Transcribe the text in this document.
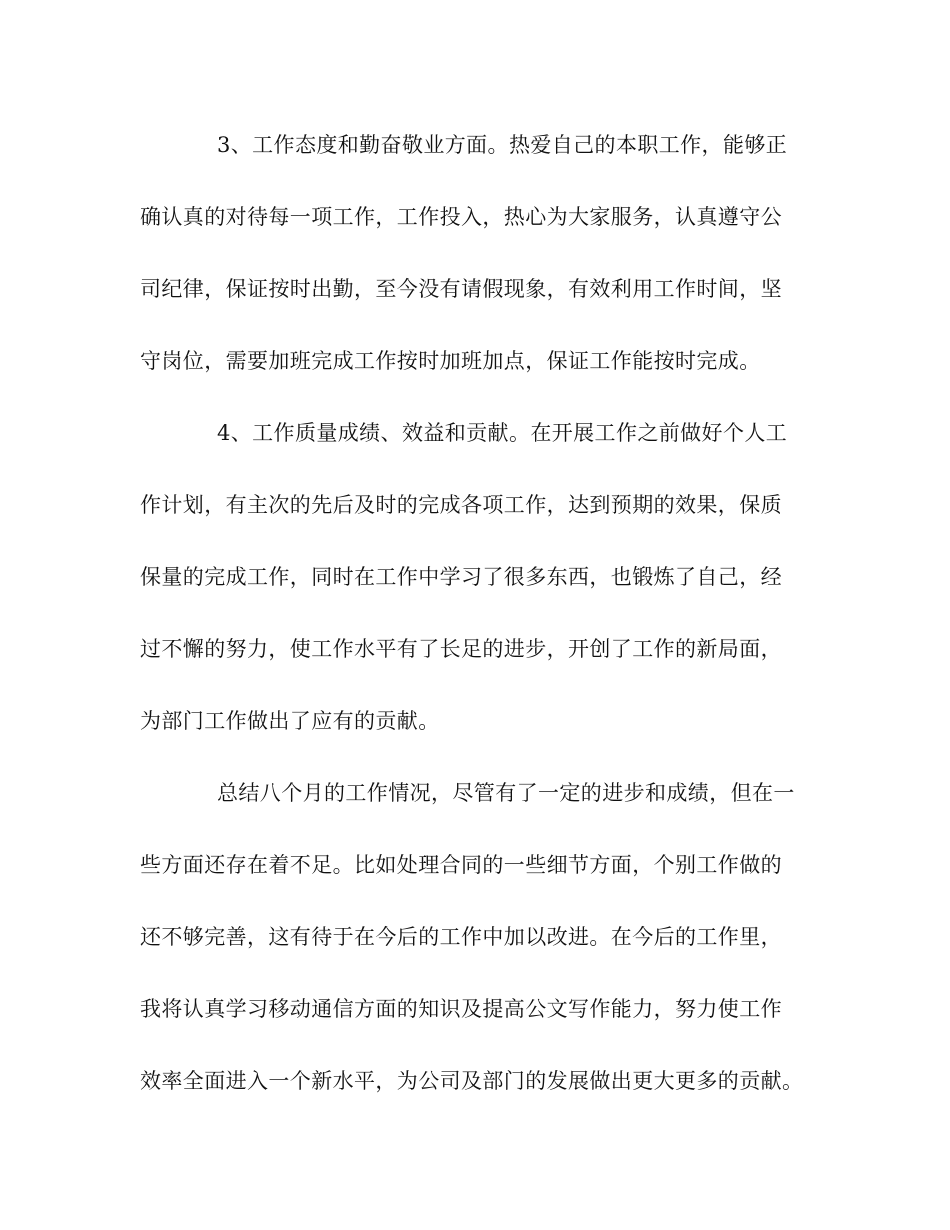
3、工作态度和勤奋敬业方面。热爱自己的本职工作，能够正
确认真的对待每一项工作，工作投入，热心为大家服务，认真遵守公
司纪律，保证按时出勤，至今没有请假现象，有效利用工作时间，坚
守岗位，需要加班完成工作按时加班加点，保证工作能按时完成。
4、工作质量成绩、效益和贡献。在开展工作之前做好个人工
作计划，有主次的先后及时的完成各项工作，达到预期的效果，保质
保量的完成工作，同时在工作中学习了很多东西，也锻炼了自己，经
过不懈的努力，使工作水平有了长足的进步，开创了工作的新局面，
为部门工作做出了应有的贡献。
总结八个月的工作情况，尽管有了一定的进步和成绩，但在一
些方面还存在着不足。比如处理合同的一些细节方面，个别工作做的
还不够完善，这有待于在今后的工作中加以改进。在今后的工作里，
我将认真学习移动通信方面的知识及提高公文写作能力，努力使工作
效率全面进入一个新水平，为公司及部门的发展做出更大更多的贡献。
